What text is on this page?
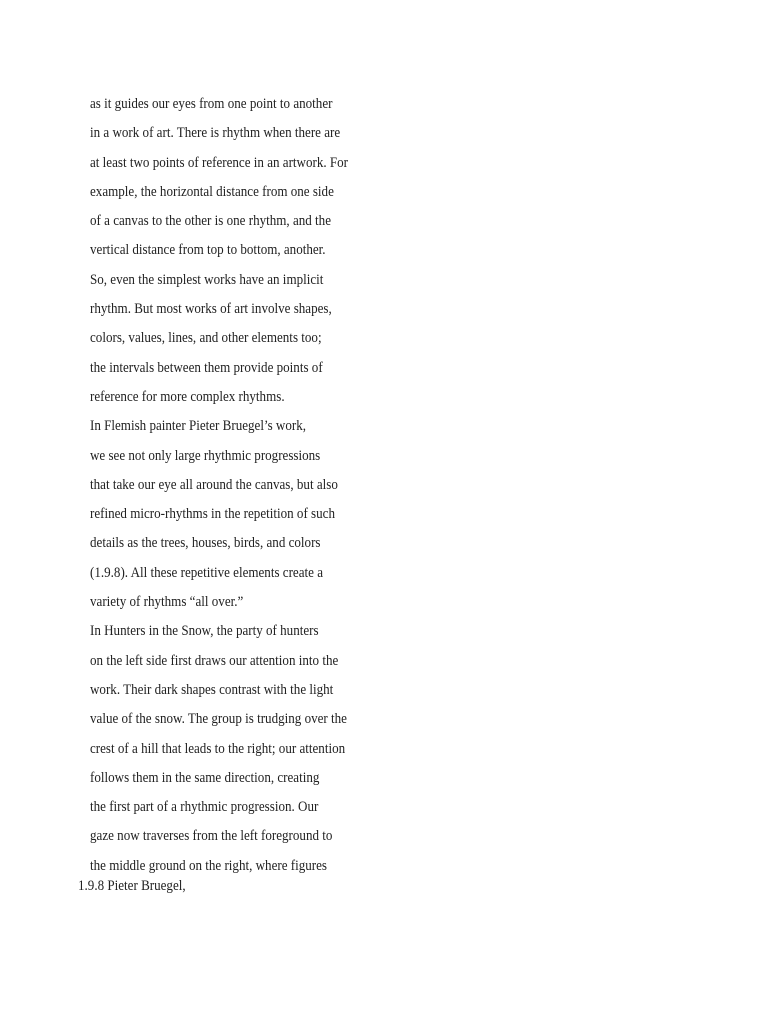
as it guides our eyes from one point to another
in a work of art. There is rhythm when there are
at least two points of reference in an artwork. For
example, the horizontal distance from one side
of a canvas to the other is one rhythm, and the
vertical distance from top to bottom, another.
So, even the simplest works have an implicit
rhythm. But most works of art involve shapes,
colors, values, lines, and other elements too;
the intervals between them provide points of
reference for more complex rhythms.
In Flemish painter Pieter Bruegel’s work,
we see not only large rhythmic progressions
that take our eye all around the canvas, but also
refined micro-rhythms in the repetition of such
details as the trees, houses, birds, and colors
(1.9.8). All these repetitive elements create a
variety of rhythms “all over.”
In Hunters in the Snow, the party of hunters
on the left side first draws our attention into the
work. Their dark shapes contrast with the light
value of the snow. The group is trudging over the
crest of a hill that leads to the right; our attention
follows them in the same direction, creating
the first part of a rhythmic progression. Our
gaze now traverses from the left foreground to
the middle ground on the right, where figures

1.9.8 Pieter Bruegel,
